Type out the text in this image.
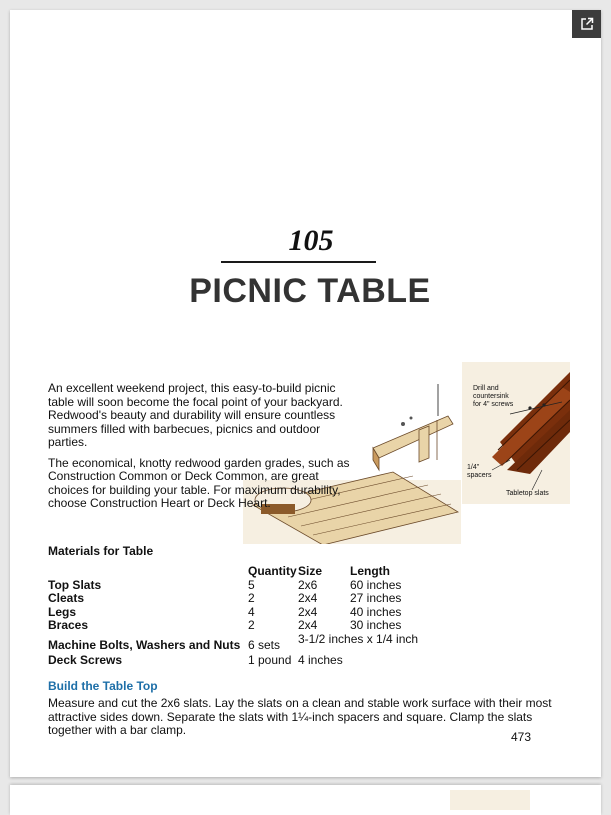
105
PICNIC TABLE
Drill and
countersink
for 4" screws
1/4"
spacers
Tabletop slats

An excellent weekend project, this easy-to-build picnic table will soon become the focal point of your backyard. Redwood's beauty and durability will ensure countless summers filled with barbecues, picnics and outdoor parties.

The economical, knotty redwood garden grades, such as Construction Common or Deck Common, are great choices for building your table. For maximum durability, choose Construction Heart or Deck Heart.

Materials for Table
	Quantity	Size	Length
Top Slats	5	2x6	60 inches
Cleats	2	2x4	27 inches
Legs	4	2x4	40 inches
Braces	2	2x4	30 inches
Machine Bolts, Washers and Nuts	6 sets	3-1/2 inches x 1/4 inch	
Deck Screws	1 pound	4 inches	
Build the Table Top
Measure and cut the 2x6 slats. Lay the slats on a clean and stable work surface with their most attractive sides down. Separate the slats with 1¼-inch spacers and square. Clamp the slats together with a bar clamp.	473
